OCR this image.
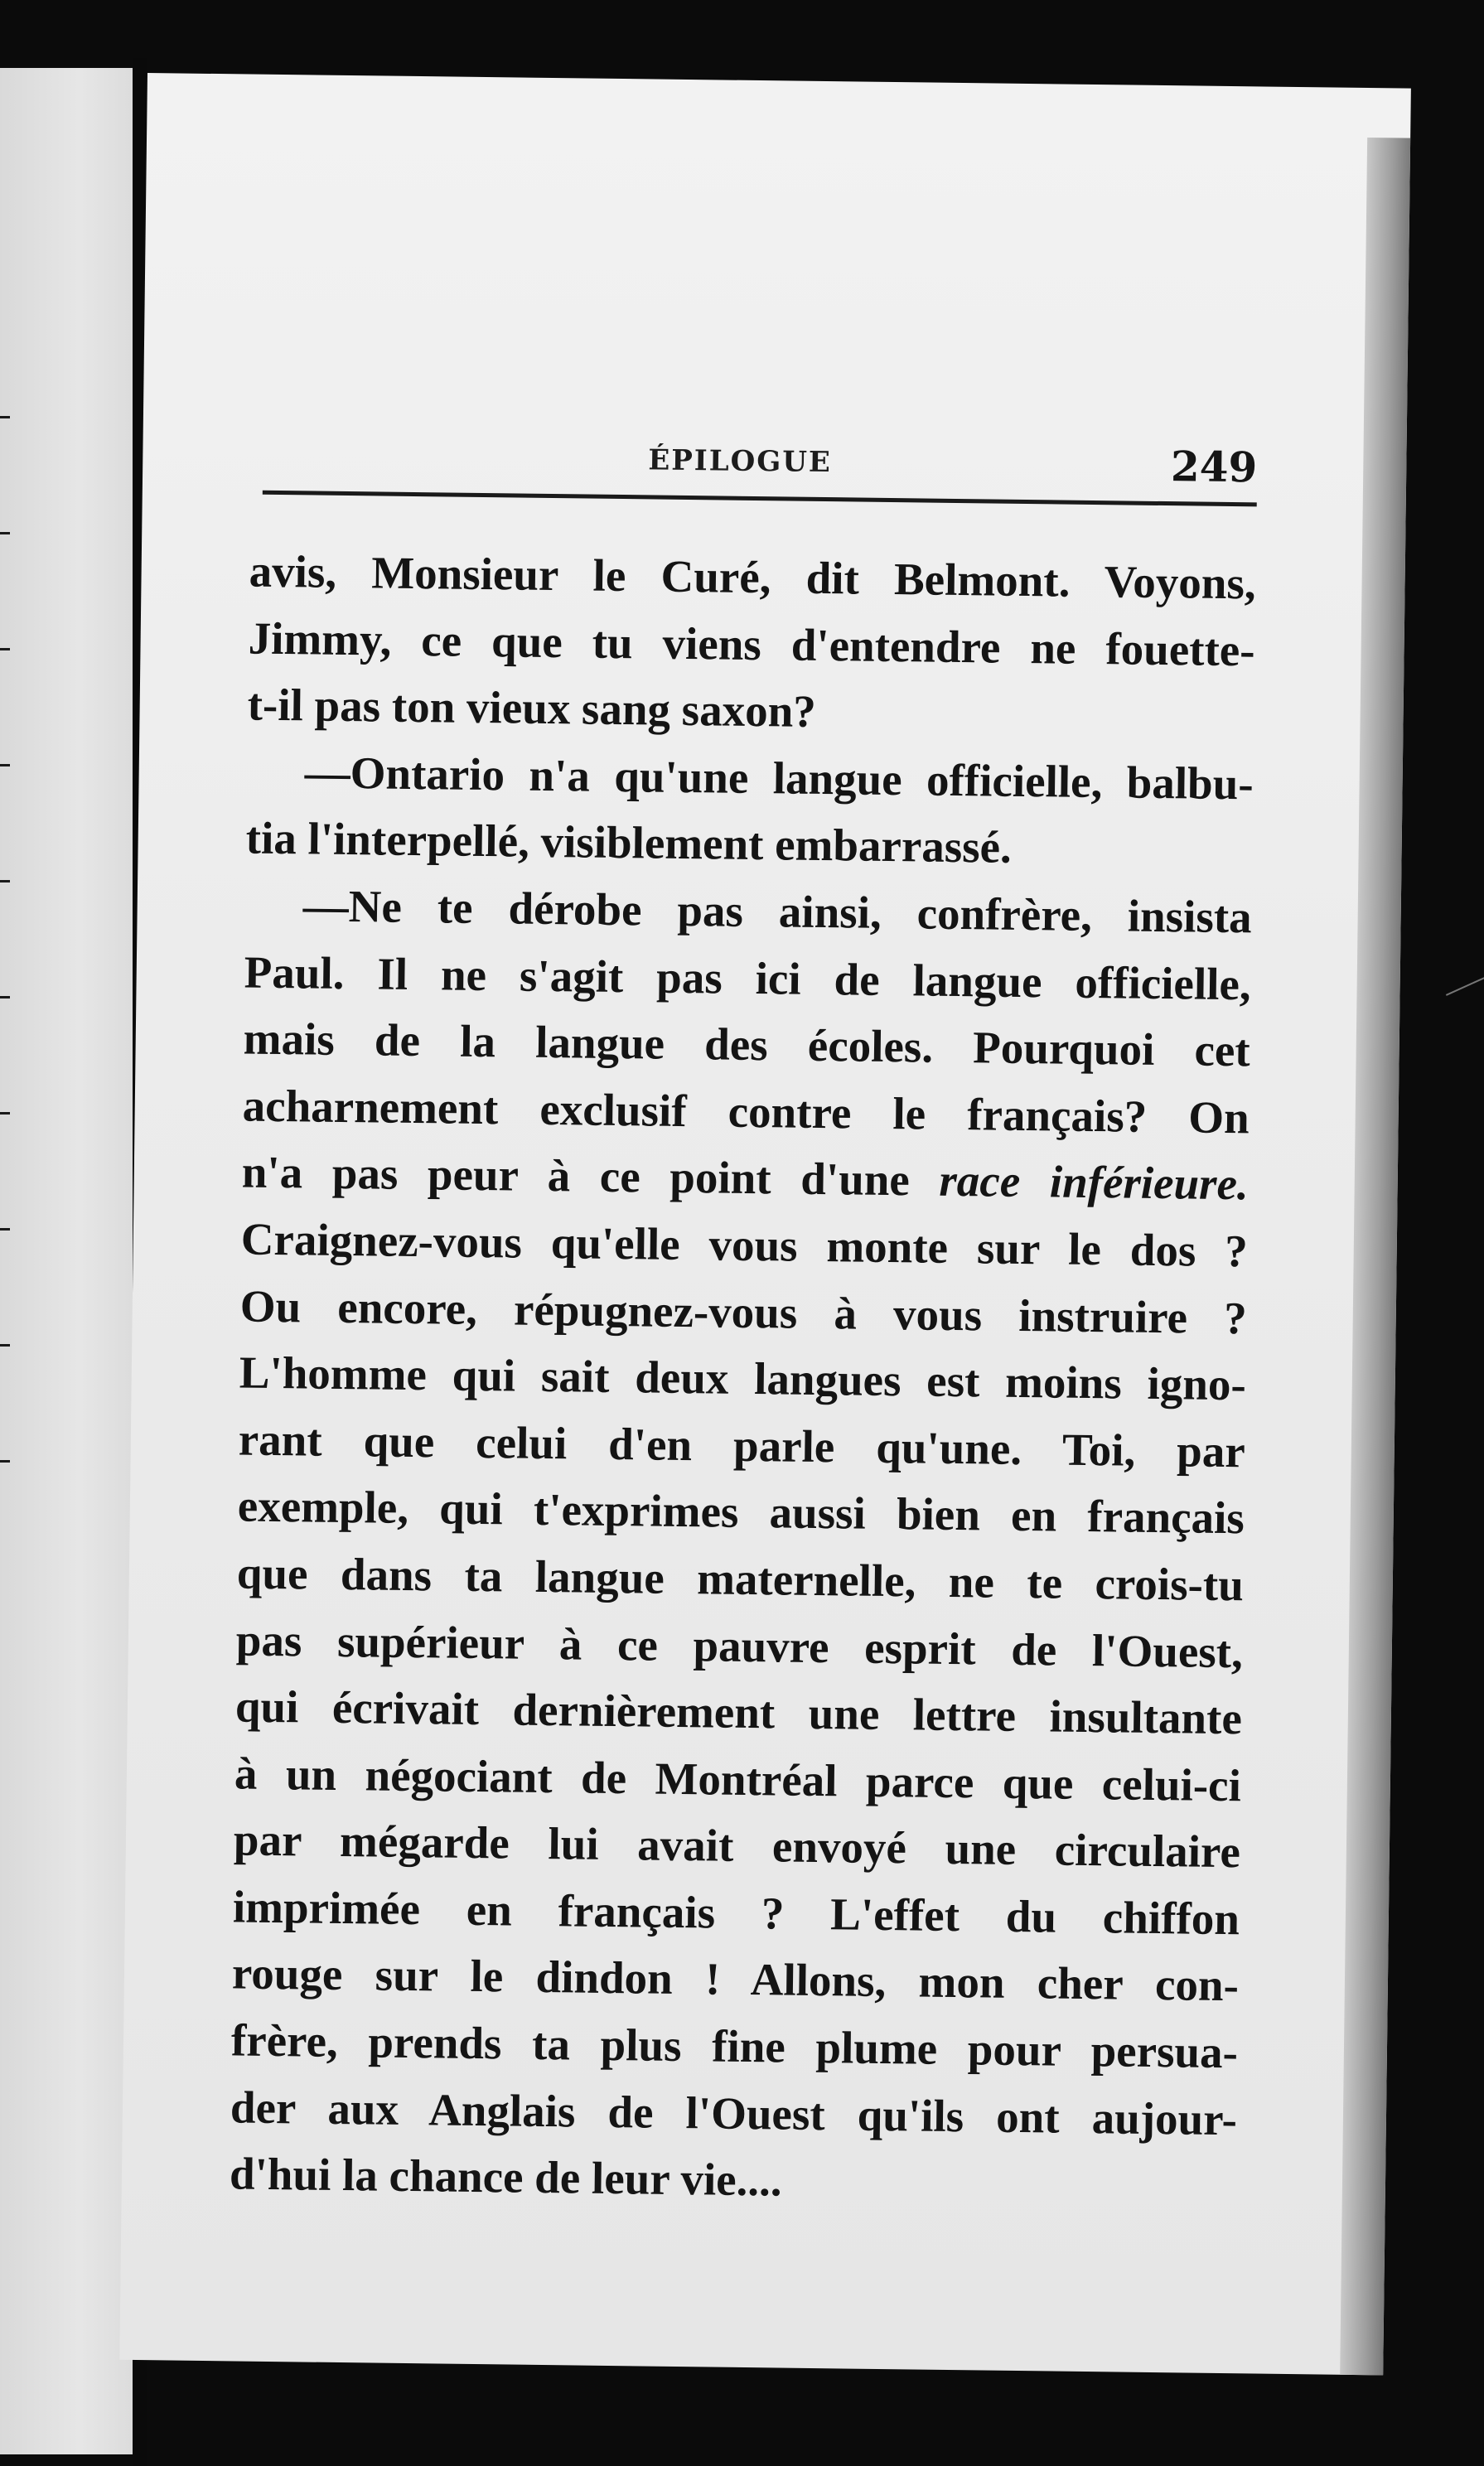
ÉPILOGUE	249
avis, Monsieur le Curé, dit Belmont. Voyons,
Jimmy, ce que tu viens d'entendre ne fouette-
t-il pas ton vieux sang saxon?
—Ontario n'a qu'une langue officielle, balbu-
tia l'interpellé, visiblement embarrassé.
—Ne te dérobe pas ainsi, confrère, insista
Paul. Il ne s'agit pas ici de langue officielle,
mais de la langue des écoles. Pourquoi cet
acharnement exclusif contre le français? On
n'a pas peur à ce point d'une race inférieure.
Craignez-vous qu'elle vous monte sur le dos ?
Ou encore, répugnez-vous à vous instruire ?
L'homme qui sait deux langues est moins igno-
rant que celui d'en parle qu'une. Toi, par
exemple, qui t'exprimes aussi bien en français
que dans ta langue maternelle, ne te crois-tu
pas supérieur à ce pauvre esprit de l'Ouest,
qui écrivait dernièrement une lettre insultante
à un négociant de Montréal parce que celui-ci
par mégarde lui avait envoyé une circulaire
imprimée en français ? L'effet du chiffon
rouge sur le dindon ! Allons, mon cher con-
frère, prends ta plus fine plume pour persua-
der aux Anglais de l'Ouest qu'ils ont aujour-
d'hui la chance de leur vie....
